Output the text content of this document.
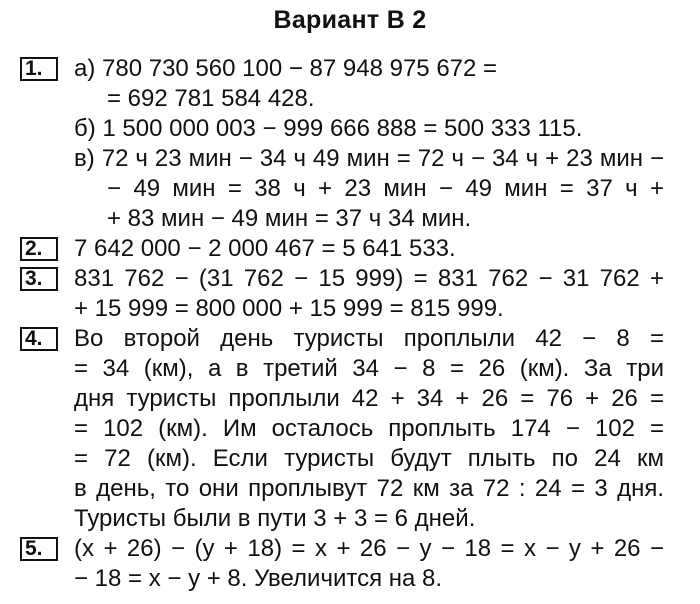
Вариант В 2
1.	а) 780 730 560 100 − 87 948 975 672 =
= 692 781 584 428.
б) 1 500 000 003 − 999 666 888 = 500 333 115.
в) 72 ч 23 мин − 34 ч 49 мин = 72 ч − 34 ч + 23 мин −
− 49 мин = 38 ч + 23 мин − 49 мин = 37 ч +
+ 83 мин − 49 мин = 37 ч 34 мин.
2.	7 642 000 − 2 000 467 = 5 641 533.
3.	831 762 − (31 762 − 15 999) = 831 762 − 31 762 +
+ 15 999 = 800 000 + 15 999 = 815 999.
4.	Во второй день туристы проплыли 42 − 8 =
= 34 (км), а в третий 34 − 8 = 26 (км). За три
дня туристы проплыли 42 + 34 + 26 = 76 + 26 =
= 102 (км). Им осталось проплыть 174 − 102 =
= 72 (км). Если туристы будут плыть по 24 км
в день, то они проплывут 72 км за 72 : 24 = 3 дня.
Туристы были в пути 3 + 3 = 6 дней.
5.	(x + 26) − (y + 18) = x + 26 − y − 18 = x − y + 26 −
− 18 = x − y + 8. Увеличится на 8.
